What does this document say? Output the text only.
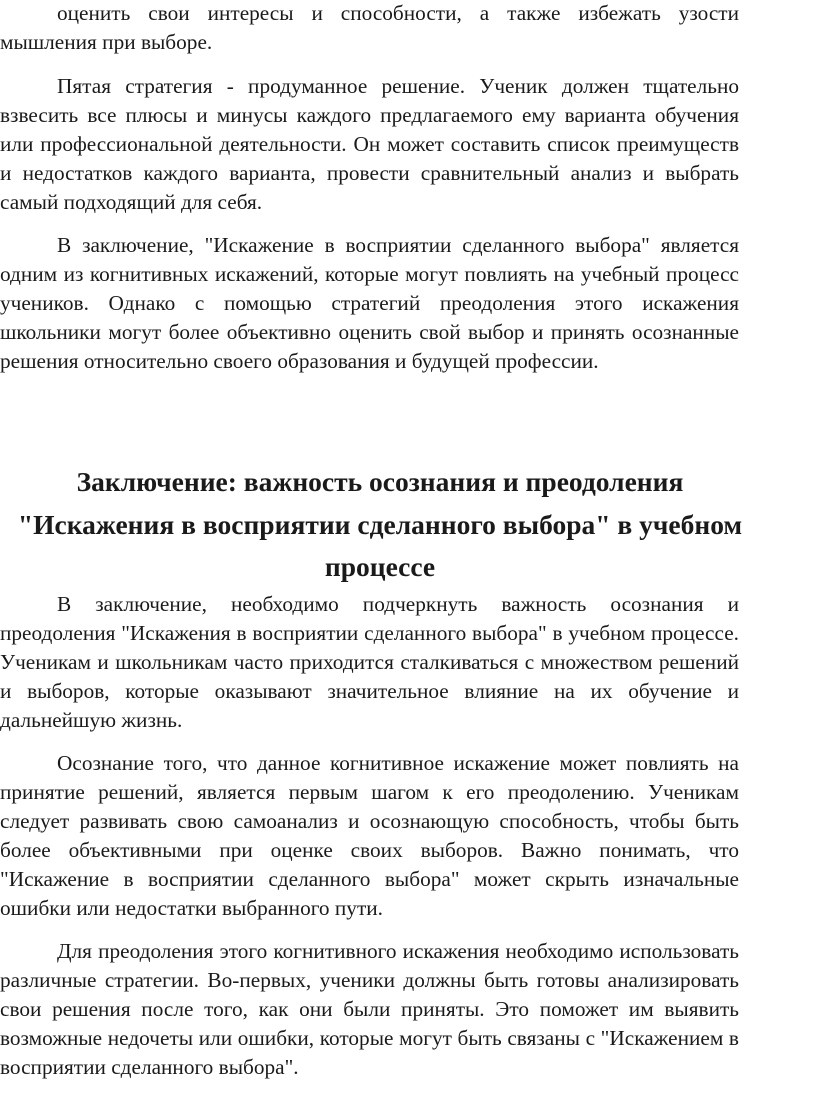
оценить свои интересы и способности, а также избежать узости мышления при выборе.

Пятая стратегия - продуманное решение. Ученик должен тщательно взвесить все плюсы и минусы каждого предлагаемого ему варианта обучения или профессиональной деятельности. Он может составить список преимуществ и недостатков каждого варианта, провести сравнительный анализ и выбрать самый подходящий для себя.

В заключение, "Искажение в восприятии сделанного выбора" является одним из когнитивных искажений, которые могут повлиять на учебный процесс учеников. Однако с помощью стратегий преодоления этого искажения школьники могут более объективно оценить свой выбор и принять осознанные решения относительно своего образования и будущей профессии.

Заключение: важность осознания и преодоления "Искажения в восприятии сделанного выбора" в учебном процессе

В заключение, необходимо подчеркнуть важность осознания и преодоления "Искажения в восприятии сделанного выбора" в учебном процессе. Ученикам и школьникам часто приходится сталкиваться с множеством решений и выборов, которые оказывают значительное влияние на их обучение и дальнейшую жизнь.

Осознание того, что данное когнитивное искажение может повлиять на принятие решений, является первым шагом к его преодолению. Ученикам следует развивать свою самоанализ и осознающую способность, чтобы быть более объективными при оценке своих выборов. Важно понимать, что "Искажение в восприятии сделанного выбора" может скрыть изначальные ошибки или недостатки выбранного пути.

Для преодоления этого когнитивного искажения необходимо использовать различные стратегии. Во-первых, ученики должны быть готовы анализировать свои решения после того, как они были приняты. Это поможет им выявить возможные недочеты или ошибки, которые могут быть связаны с "Искажением в восприятии сделанного выбора".
